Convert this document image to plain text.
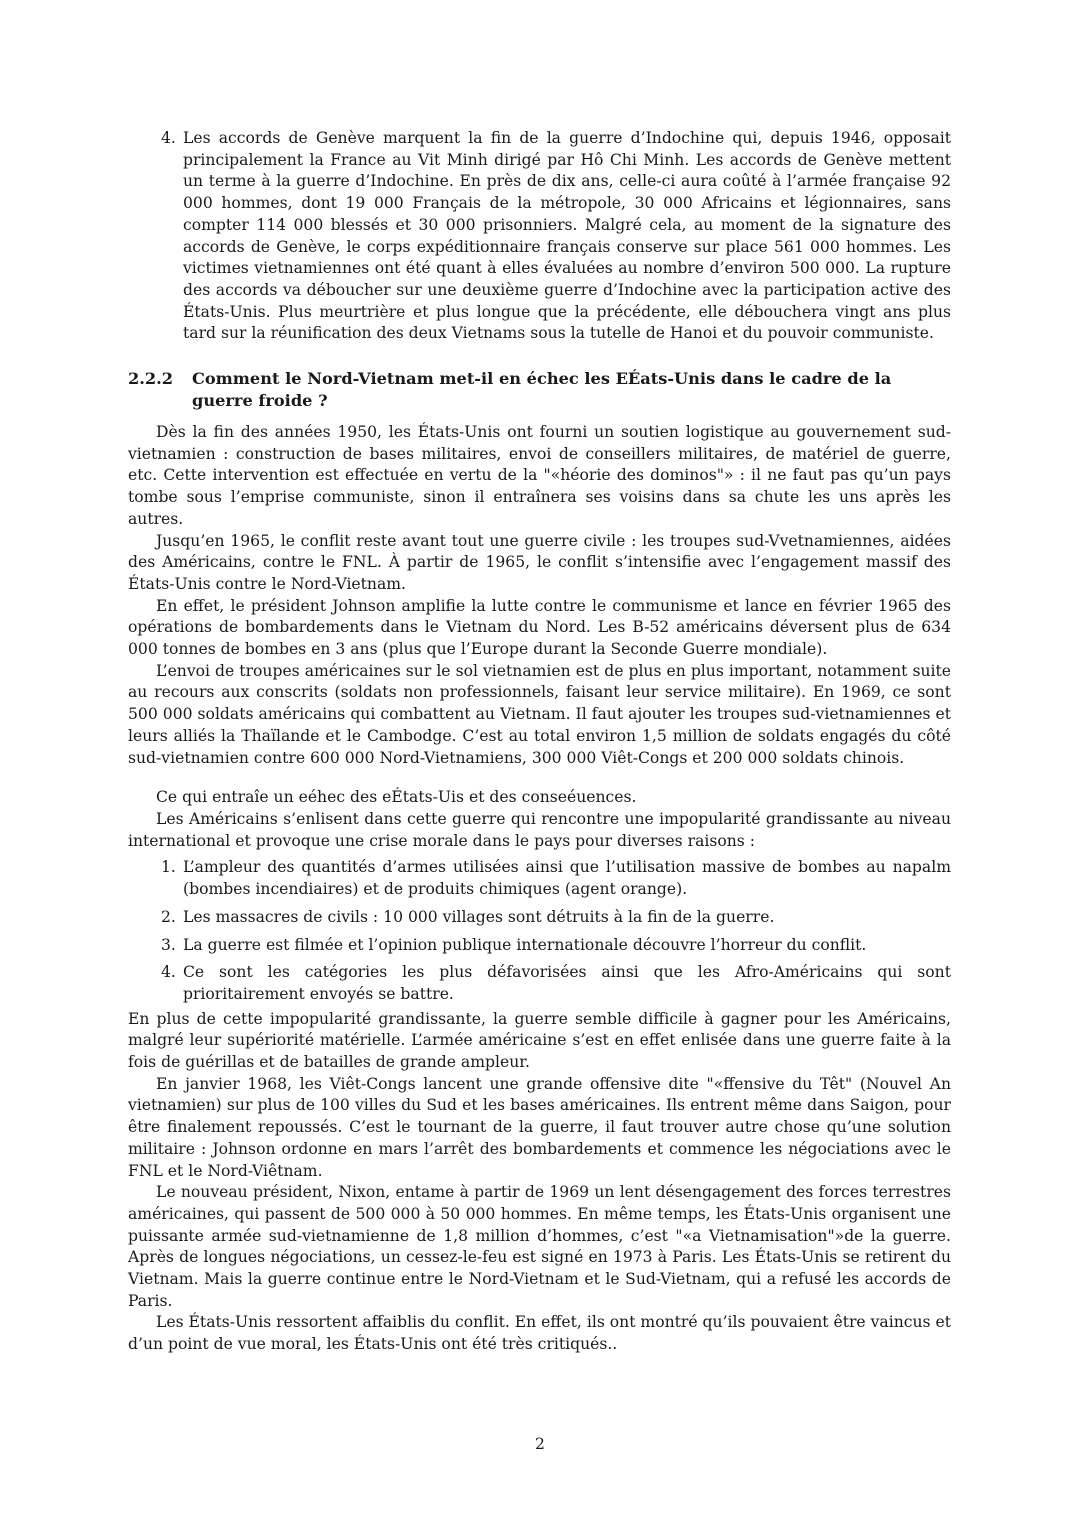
4. Les accords de Genève marquent la fin de la guerre d’Indochine qui, depuis 1946, opposait principalement la France au Vit Minh dirigé par Hô Chi Minh. Les accords de Genève mettent un terme à la guerre d’Indochine. En près de dix ans, celle-ci aura coûté à l’armée française 92 000 hommes, dont 19 000 Français de la métropole, 30 000 Africains et légionnaires, sans compter 114 000 blessés et 30 000 prisonniers. Malgré cela, au moment de la signature des accords de Genève, le corps expéditionnaire français conserve sur place 561 000 hommes. Les victimes vietnamiennes ont été quant à elles évaluées au nombre d’environ 500 000. La rupture des accords va déboucher sur une deuxième guerre d’Indochine avec la participation active des États-Unis. Plus meurtrière et plus longue que la précédente, elle débouchera vingt ans plus tard sur la réunification des deux Vietnams sous la tutelle de Hanoi et du pouvoir communiste.
2.2.2	Comment le Nord-Vietnam met-il en échec les EÉats-Unis dans le cadre de la guerre froide ?

Dès la fin des années 1950, les États-Unis ont fourni un soutien logistique au gouvernement sud-vietnamien : construction de bases militaires, envoi de conseillers militaires, de matériel de guerre, etc. Cette intervention est effectuée en vertu de la "«héorie des dominos"» : il ne faut pas qu’un pays tombe sous l’emprise communiste, sinon il entraînera ses voisins dans sa chute les uns après les autres.

Jusqu’en 1965, le conflit reste avant tout une guerre civile : les troupes sud-Vvetnamiennes, aidées des Américains, contre le FNL. À partir de 1965, le conflit s’intensifie avec l’engagement massif des États-Unis contre le Nord-Vietnam.

En effet, le président Johnson amplifie la lutte contre le communisme et lance en février 1965 des opérations de bombardements dans le Vietnam du Nord. Les B-52 américains déversent plus de 634 000 tonnes de bombes en 3 ans (plus que l’Europe durant la Seconde Guerre mondiale).

L’envoi de troupes américaines sur le sol vietnamien est de plus en plus important, notamment suite au recours aux conscrits (soldats non professionnels, faisant leur service militaire). En 1969, ce sont 500 000 soldats américains qui combattent au Vietnam. Il faut ajouter les troupes sud-vietnamiennes et leurs alliés la Thaïlande et le Cambodge. C’est au total environ 1,5 million de soldats engagés du côté sud-vietnamien contre 600 000 Nord-Vietnamiens, 300 000 Viêt-Congs et 200 000 soldats chinois.

Ce qui entraîe un eéhec des eÉtats-Uis et des conseéuences.

Les Américains s’enlisent dans cette guerre qui rencontre une impopularité grandissante au niveau international et provoque une crise morale dans le pays pour diverses raisons :

1. L’ampleur des quantités d’armes utilisées ainsi que l’utilisation massive de bombes au napalm (bombes incendiaires) et de produits chimiques (agent orange).
2. Les massacres de civils : 10 000 villages sont détruits à la fin de la guerre.
3. La guerre est filmée et l’opinion publique internationale découvre l’horreur du conflit.
4. Ce sont les catégories les plus défavorisées ainsi que les Afro-Américains qui sont prioritairement envoyés se battre.

En plus de cette impopularité grandissante, la guerre semble difficile à gagner pour les Américains, malgré leur supériorité matérielle. L’armée américaine s’est en effet enlisée dans une guerre faite à la fois de guérillas et de batailles de grande ampleur.

En janvier 1968, les Viêt-Congs lancent une grande offensive dite "«ffensive du Têt" (Nouvel An vietnamien) sur plus de 100 villes du Sud et les bases américaines. Ils entrent même dans Saigon, pour être finalement repoussés. C’est le tournant de la guerre, il faut trouver autre chose qu’une solution militaire : Johnson ordonne en mars l’arrêt des bombardements et commence les négociations avec le FNL et le Nord-Viêtnam.

Le nouveau président, Nixon, entame à partir de 1969 un lent désengagement des forces terrestres américaines, qui passent de 500 000 à 50 000 hommes. En même temps, les États-Unis organisent une puissante armée sud-vietnamienne de 1,8 million d’hommes, c’est "«a Vietnamisation"»de la guerre. Après de longues négociations, un cessez-le-feu est signé en 1973 à Paris. Les États-Unis se retirent du Vietnam. Mais la guerre continue entre le Nord-Vietnam et le Sud-Vietnam, qui a refusé les accords de Paris.

Les États-Unis ressortent affaiblis du conflit. En effet, ils ont montré qu’ils pouvaient être vaincus et d’un point de vue moral, les États-Unis ont été très critiqués..

2
